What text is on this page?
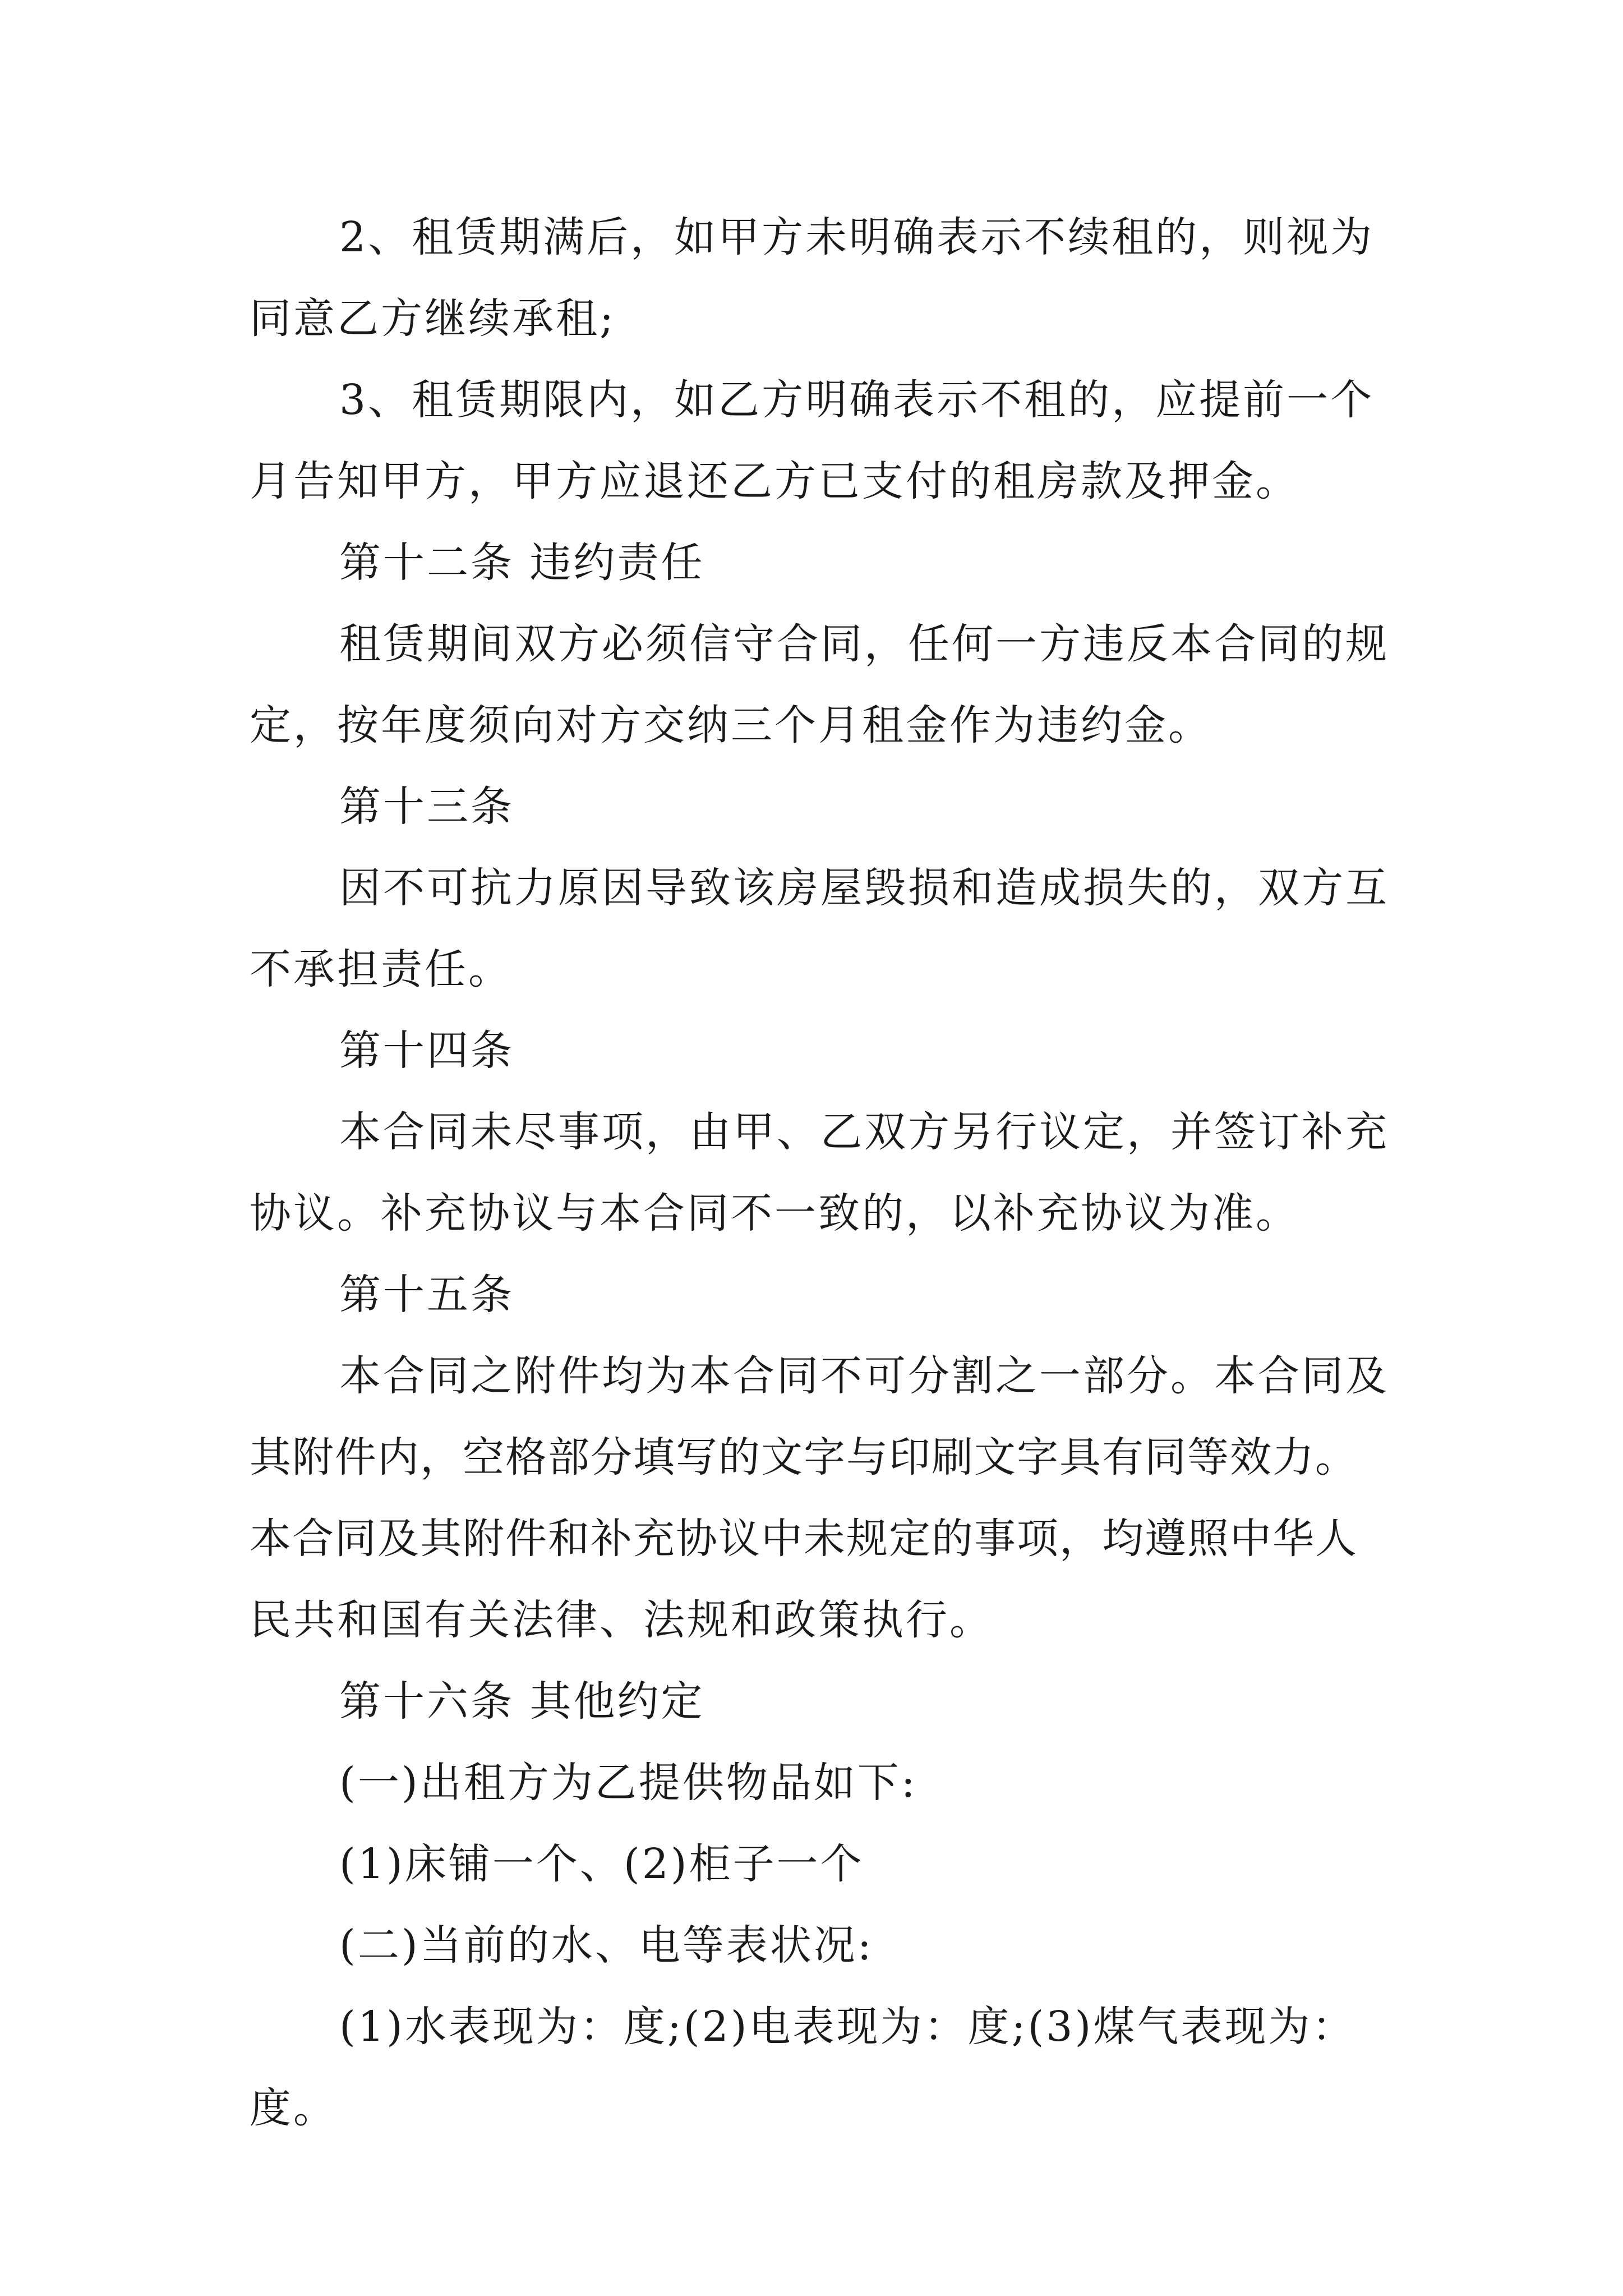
2、租赁期满后，如甲方未明确表示不续租的，则视为
同意乙方继续承租;
3、租赁期限内，如乙方明确表示不租的，应提前一个
月告知甲方，甲方应退还乙方已支付的租房款及押金。
第十二条 违约责任
租赁期间双方必须信守合同，任何一方违反本合同的规
定，按年度须向对方交纳三个月租金作为违约金。
第十三条
因不可抗力原因导致该房屋毁损和造成损失的，双方互
不承担责任。
第十四条
本合同未尽事项，由甲、乙双方另行议定，并签订补充
协议。补充协议与本合同不一致的，以补充协议为准。
第十五条
本合同之附件均为本合同不可分割之一部分。本合同及
其附件内，空格部分填写的文字与印刷文字具有同等效力。
本合同及其附件和补充协议中未规定的事项，均遵照中华人
民共和国有关法律、法规和政策执行。
第十六条 其他约定
(一)出租方为乙提供物品如下:
(1)床铺一个、(2)柜子一个
(二)当前的水、电等表状况:
(1)水表现为：度;(2)电表现为：度;(3)煤气表现为：
度。
